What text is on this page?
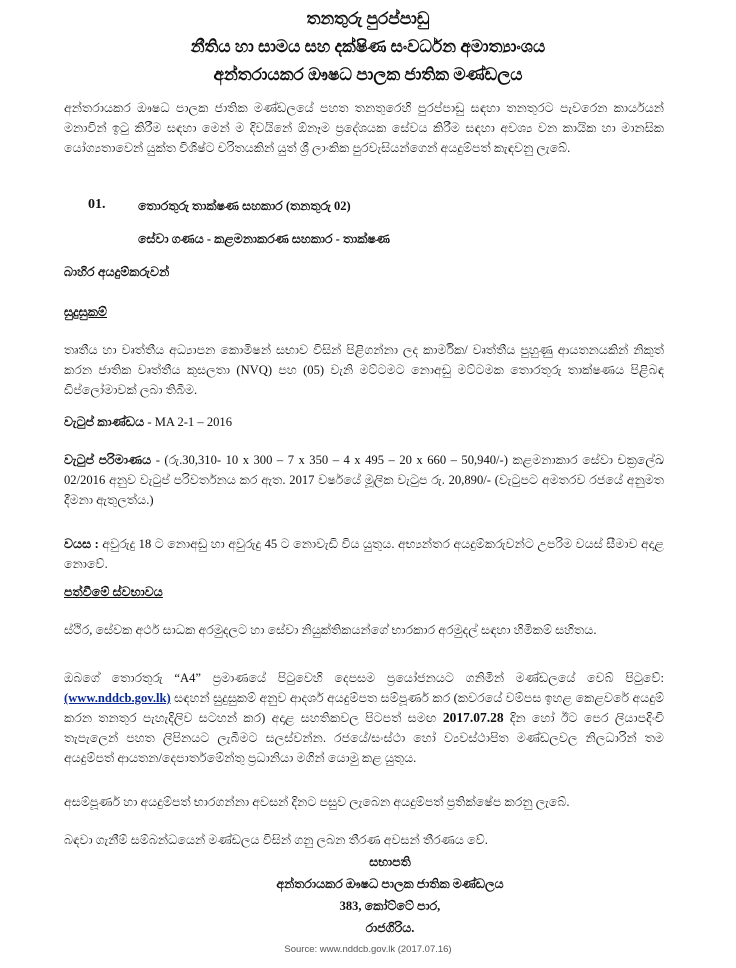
තනතුරු පුරප්පාඩු
නීතිය හා සාමය සහ දක්ෂිණ සංවර්ධන අමාත්‍යාංශය
අන්තරායකර ඖෂධ පාලක ජාතික මණ්ඩලය
අන්තරායකර ඖෂධ පාලක ජාතික මණ්ඩලයේ පහත තනතුරෙහි පුරප්පාඩු සඳහා තනතුරට පැවරෙන කාර්යයන් මනාවින් ඉටු කිරීම සඳහා මෙන් ම දිවයිනේ ඕනෑම ප්‍රදේශයක සේවය කිරීම සඳහා අවශ්‍ය වන කායික හා මානසික යෝග්‍යතාවෙන් යුක්ත විශිෂ්ට චරිතයකින් යුත් ශ්‍රී ලාංකික පුරවැසියන්ගෙන් අයදුම්පත් කැඳවනු ලැබේ.
01.	තොරතුරු තාක්ෂණ සහකාර (තනතුරු 02)
සේවා ගණය - කළමනාකරණ සහකාර - තාක්ෂණ
බාහිර අයදුම්කරුවන්
සුදුසුකම්
තෘතීය හා වෘත්තීය අධ්‍යාපන කොමිෂන් සභාව විසින් පිළිගන්නා ලද කාර්මික/ වෘත්තීය පුහුණු ආයතනයකින් නිකුත් කරන ජාතික වෘත්තීය කුසලතා (NVQ) පහ (05) වැනි මට්ටමට නොඅඩු මට්ටමක තොරතුරු තාක්ෂණය පිළිබඳ ඩිප්ලෝමාවක් ලබා තිබීම.
වැටුප් කාණ්ඩය - MA 2-1 – 2016
වැටුප් පරිමාණය - (රු.30,310- 10 x 300 – 7 x 350 – 4 x 495 – 20 x 660 – 50,940/-) කළමනාකාර සේවා චක්‍රලේඛ 02/2016 අනුව වැටුප් පරිවර්තනය කර ඇත. 2017 වර්ෂයේ මූලික වැටුප රු. 20,890/- (වැටුපට අමතරව රජයේ අනුමත දීමනා ඇතුලත්ය.)
වයස : අවුරුදු 18 ට නොඅඩු හා අවුරුදු 45 ට නොවැඩි විය යුතුය. අභ්‍යන්තර අයදුම්කරුවන්ට උපරිම වයස් සීමාව අදාළ නොවේ.
පත්වීමේ ස්වභාවය
ස්ථිර, සේවක අර්ථ සාධක අරමුදලට හා සේවා නියුක්තිකයන්ගේ භාරකාර අරමුදල් සඳහා හිමිකම් සහිතය.
ඔබගේ තොරතුරු “A4” ප්‍රමාණයේ පිටුවෙහි දෙපසම ප්‍රයෝජනයට ගනිමින් මණ්ඩලයේ වෙබ් පිටුවේ: (www.nddcb.gov.lk) සඳහන් සුදුසුකම් අනුව ආදර්ශ අයදුම්පත සම්පූර්ණ කර (කවරයේ වම්පස ඉහළ කෙළවරේ අයදුම් කරන තනතුර පැහැදිලිව සටහන් කර) අදාළ සහතිකවල පිටපත් සමඟ 2017.07.28 දින හෝ ඊට පෙර ලියාපදිංචි තැපැලෙන් පහත ලිපිනයට ලැබීමට සලස්වන්න. රජයේ/සංස්ථා හෝ ව්‍යවස්ථාපිත මණ්ඩලවල නිලධාරින් තම අයදුම්පත් ආයතන/දෙපාර්තමේන්තු ප්‍රධානියා මගින් යොමු කළ යුතුය.
අසම්පූර්ණ හා අයදුම්පත් භාරගන්නා අවසන් දිනට පසුව ලැබෙන අයදුම්පත් ප්‍රතික්ෂේප කරනු ලැබේ.
බඳවා ගැනීම් සම්බන්ධයෙන් මණ්ඩලය විසින් ගනු ලබන තීරණ අවසන් තීරණය වේ.
සභාපති
අන්තරායකර ඖෂධ පාලක ජාතික මණ්ඩලය
383, කෝට්ටේ පාර,
රාජගිරිය.
Source: www.nddcb.gov.lk (2017.07.16)
